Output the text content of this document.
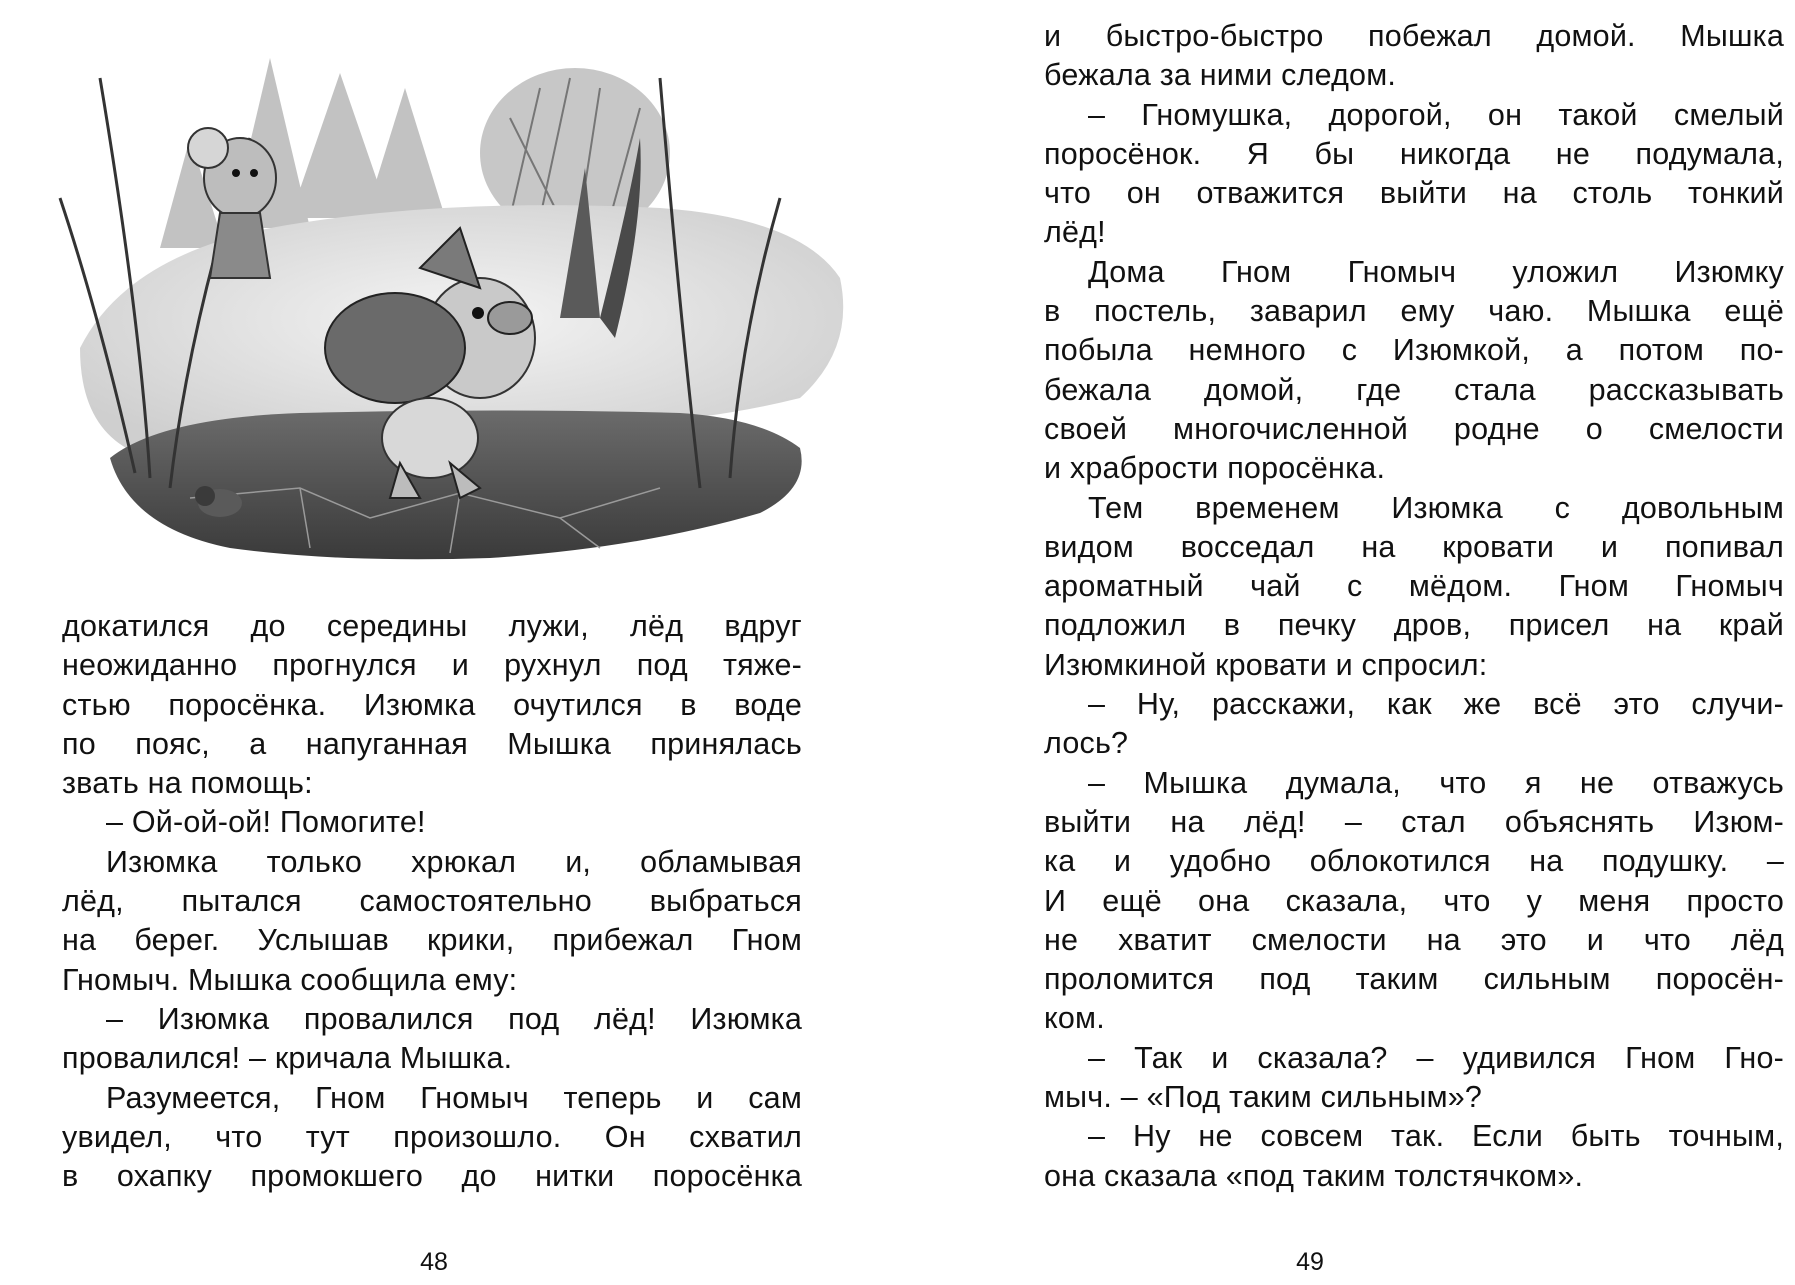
докатился до середины лужи, лёд вдруг
неожиданно прогнулся и рухнул под тяже-
стью поросёнка. Изюмка очутился в воде
по пояс, а напуганная Мышка принялась
звать на помощь:
– Ой-ой-ой! Помогите!
Изюмка только хрюкал и, обламывая
лёд, пытался самостоятельно выбраться
на берег. Услышав крики, прибежал Гном
Гномыч. Мышка сообщила ему:
– Изюмка провалился под лёд! Изюмка
провалился! – кричала Мышка.
Разумеется, Гном Гномыч теперь и сам
увидел, что тут произошло. Он схватил
в охапку промокшего до нитки поросёнка
48
и быстро-быстро побежал домой. Мышка
бежала за ними следом.
– Гномушка, дорогой, он такой смелый
поросёнок. Я бы никогда не подумала,
что он отважится выйти на столь тонкий
лёд!
Дома Гном Гномыч уложил Изюмку
в постель, заварил ему чаю. Мышка ещё
побыла немного с Изюмкой, а потом по-
бежала домой, где стала рассказывать
своей многочисленной родне о смелости
и храбрости поросёнка.
Тем временем Изюмка с довольным
видом восседал на кровати и попивал
ароматный чай с мёдом. Гном Гномыч
подложил в печку дров, присел на край
Изюмкиной кровати и спросил:
– Ну, расскажи, как же всё это случи-
лось?
– Мышка думала, что я не отважусь
выйти на лёд! – стал объяснять Изюм-
ка и удобно облокотился на подушку. –
И ещё она сказала, что у меня просто
не хватит смелости на это и что лёд
проломится под таким сильным поросён-
ком.
– Так и сказала? – удивился Гном Гно-
мыч. – «Под таким сильным»?
– Ну не совсем так. Если быть точным,
она сказала «под таким толстячком».
49
